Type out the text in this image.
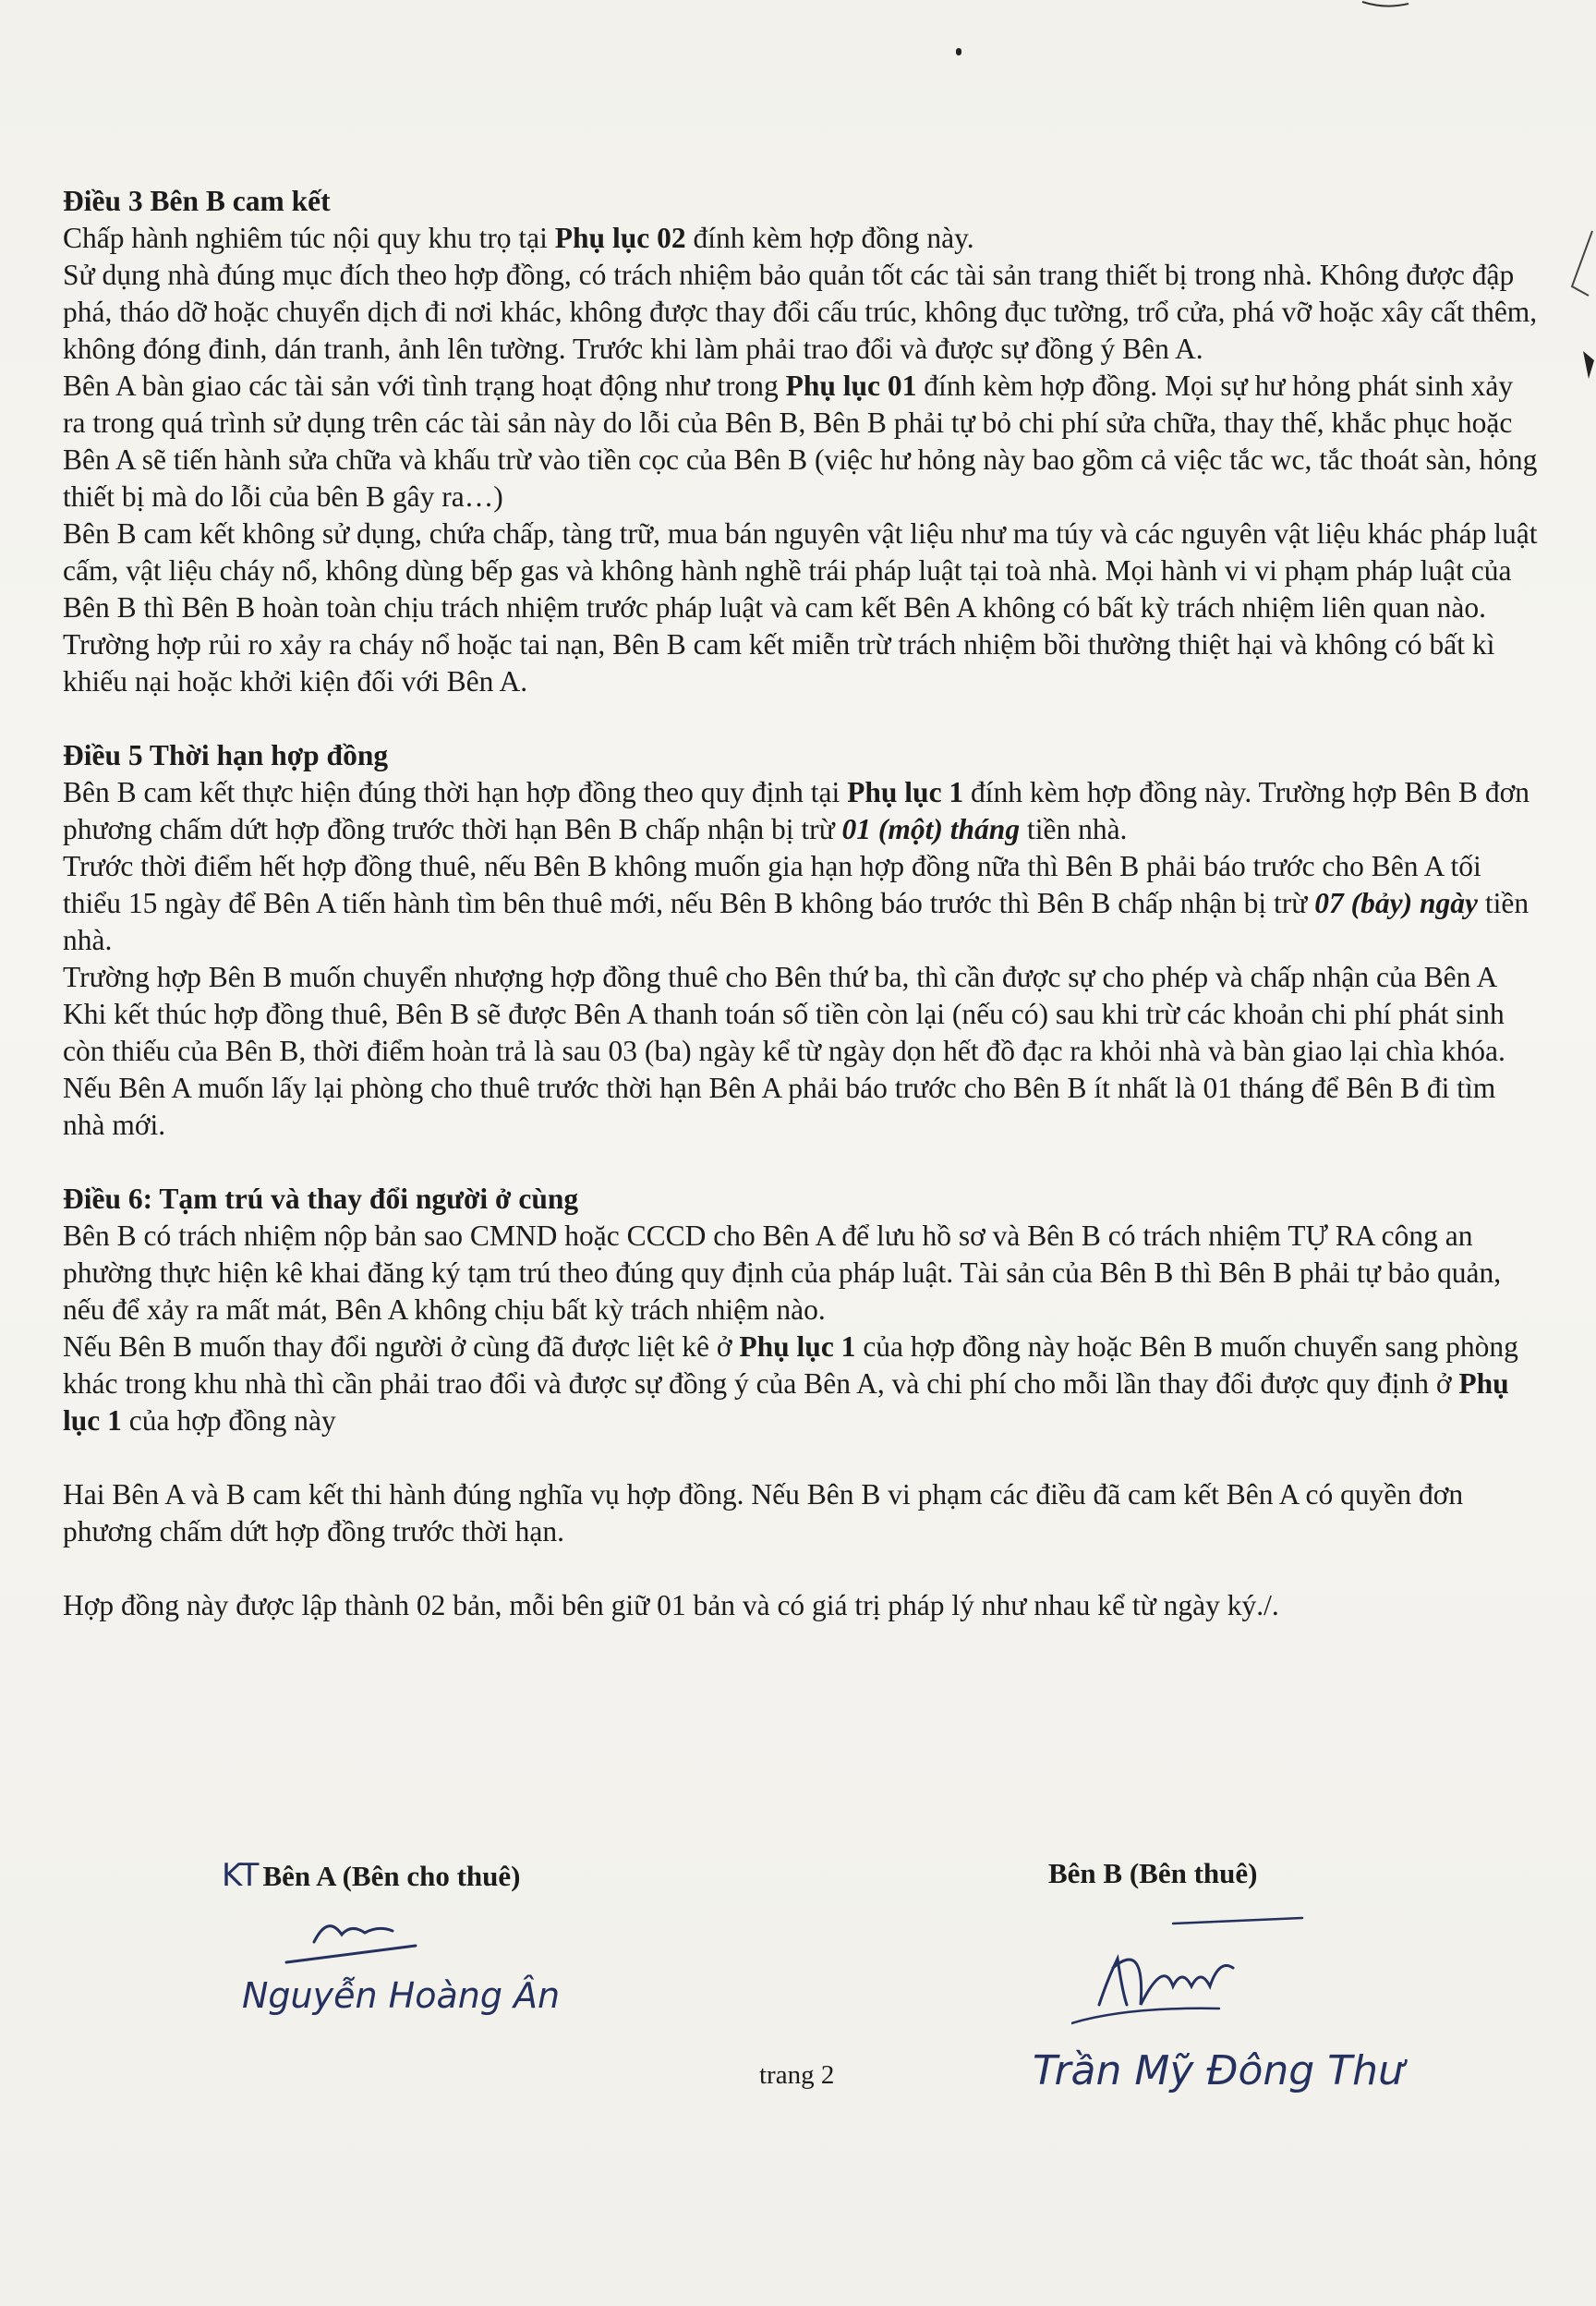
Điều 3 Bên B cam kết

Chấp hành nghiêm túc nội quy khu trọ tại Phụ lục 02 đính kèm hợp đồng này.

Sử dụng nhà đúng mục đích theo hợp đồng, có trách nhiệm bảo quản tốt các tài sản trang thiết bị trong nhà. Không được đập phá, tháo dỡ hoặc chuyển dịch đi nơi khác, không được thay đổi cấu trúc, không đục tường, trổ cửa, phá vỡ hoặc xây cất thêm, không đóng đinh, dán tranh, ảnh lên tường. Trước khi làm phải trao đổi và được sự đồng ý Bên A.

Bên A bàn giao các tài sản với tình trạng hoạt động như trong Phụ lục 01 đính kèm hợp đồng. Mọi sự hư hỏng phát sinh xảy ra trong quá trình sử dụng trên các tài sản này do lỗi của Bên B, Bên B phải tự bỏ chi phí sửa chữa, thay thế, khắc phục hoặc Bên A sẽ tiến hành sửa chữa và khấu trừ vào tiền cọc của Bên B (việc hư hỏng này bao gồm cả việc tắc wc, tắc thoát sàn, hỏng thiết bị mà do lỗi của bên B gây ra…)

Bên B cam kết không sử dụng, chứa chấp, tàng trữ, mua bán nguyên vật liệu như ma túy và các nguyên vật liệu khác pháp luật cấm, vật liệu cháy nổ, không dùng bếp gas và không hành nghề trái pháp luật tại toà nhà. Mọi hành vi vi phạm pháp luật của Bên B thì Bên B hoàn toàn chịu trách nhiệm trước pháp luật và cam kết Bên A không có bất kỳ trách nhiệm liên quan nào.

Trường hợp rủi ro xảy ra cháy nổ hoặc tai nạn, Bên B cam kết miễn trừ trách nhiệm bồi thường thiệt hại và không có bất kì khiếu nại hoặc khởi kiện đối với Bên A.

Điều 5 Thời hạn hợp đồng

Bên B cam kết thực hiện đúng thời hạn hợp đồng theo quy định tại Phụ lục 1 đính kèm hợp đồng này. Trường hợp Bên B đơn phương chấm dứt hợp đồng trước thời hạn Bên B chấp nhận bị trừ 01 (một) tháng tiền nhà.

Trước thời điểm hết hợp đồng thuê, nếu Bên B không muốn gia hạn hợp đồng nữa thì Bên B phải báo trước cho Bên A tối thiểu 15 ngày để Bên A tiến hành tìm bên thuê mới, nếu Bên B không báo trước thì Bên B chấp nhận bị trừ 07 (bảy) ngày tiền nhà.

Trường hợp Bên B muốn chuyển nhượng hợp đồng thuê cho Bên thứ ba, thì cần được sự cho phép và chấp nhận của Bên A

Khi kết thúc hợp đồng thuê, Bên B sẽ được Bên A thanh toán số tiền còn lại (nếu có) sau khi trừ các khoản chi phí phát sinh còn thiếu của Bên B, thời điểm hoàn trả là sau 03 (ba) ngày kể từ ngày dọn hết đồ đạc ra khỏi nhà và bàn giao lại chìa khóa.

Nếu Bên A muốn lấy lại phòng cho thuê trước thời hạn Bên A phải báo trước cho Bên B ít nhất là 01 tháng để Bên B đi tìm nhà mới.

Điều 6: Tạm trú và thay đổi người ở cùng

Bên B có trách nhiệm nộp bản sao CMND hoặc CCCD cho Bên A để lưu hồ sơ và Bên B có trách nhiệm TỰ RA công an phường thực hiện kê khai đăng ký tạm trú theo đúng quy định của pháp luật. Tài sản của Bên B thì Bên B phải tự bảo quản, nếu để xảy ra mất mát, Bên A không chịu bất kỳ trách nhiệm nào.

Nếu Bên B muốn thay đổi người ở cùng đã được liệt kê ở Phụ lục 1 của hợp đồng này hoặc Bên B muốn chuyển sang phòng khác trong khu nhà thì cần phải trao đổi và được sự đồng ý của Bên A, và chi phí cho mỗi lần thay đổi được quy định ở Phụ lục 1 của hợp đồng này

Hai Bên A và B cam kết thi hành đúng nghĩa vụ hợp đồng. Nếu Bên B vi phạm các điều đã cam kết Bên A có quyền đơn phương chấm dứt hợp đồng trước thời hạn.

Hợp đồng này được lập thành 02 bản, mỗi bên giữ 01 bản và có giá trị pháp lý như nhau kể từ ngày ký./.

KT Bên A (Bên cho thuê)	Bên B (Bên thuê)
Nguyễn Hoàng Ân
Trần Mỹ Đông Thư
trang 2
